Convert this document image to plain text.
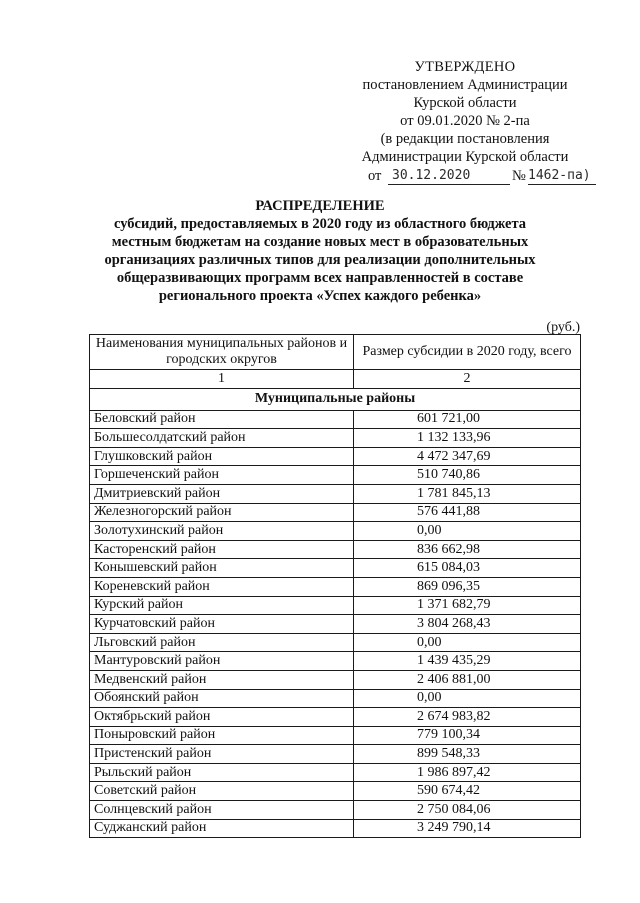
УТВЕРЖДЕНО
постановлением Администрации
Курской области
от 09.01.2020 № 2-па
(в редакции постановления
Администрации Курской области
от 30.12.2020	№ 1462-па)
РАСПРЕДЕЛЕНИЕ
субсидий, предоставляемых в 2020 году из областного бюджета
местным бюджетам на создание новых мест в образовательных
организациях различных типов для реализации дополнительных
общеразвивающих программ всех направленностей в составе
регионального проекта «Успех каждого ребенка»
(руб.)
Наименования муниципальных районов и городских округов	Размер субсидии в 2020 году, всего
1	2
Муниципальные районы	
Беловский район	601 721,00
Большесолдатский район	1 132 133,96
Глушковский район	4 472 347,69
Горшеченский район	510 740,86
Дмитриевский район	1 781 845,13
Железногорский район	576 441,88
Золотухинский район	0,00
Касторенский район	836 662,98
Конышевский район	615 084,03
Кореневский район	869 096,35
Курский район	1 371 682,79
Курчатовский район	3 804 268,43
Льговский район	0,00
Мантуровский район	1 439 435,29
Медвенский район	2 406 881,00
Обоянский район	0,00
Октябрьский район	2 674 983,82
Поныровский район	779 100,34
Пристенский район	899 548,33
Рыльский район	1 986 897,42
Советский район	590 674,42
Солнцевский район	2 750 084,06
Суджанский район	3 249 790,14
